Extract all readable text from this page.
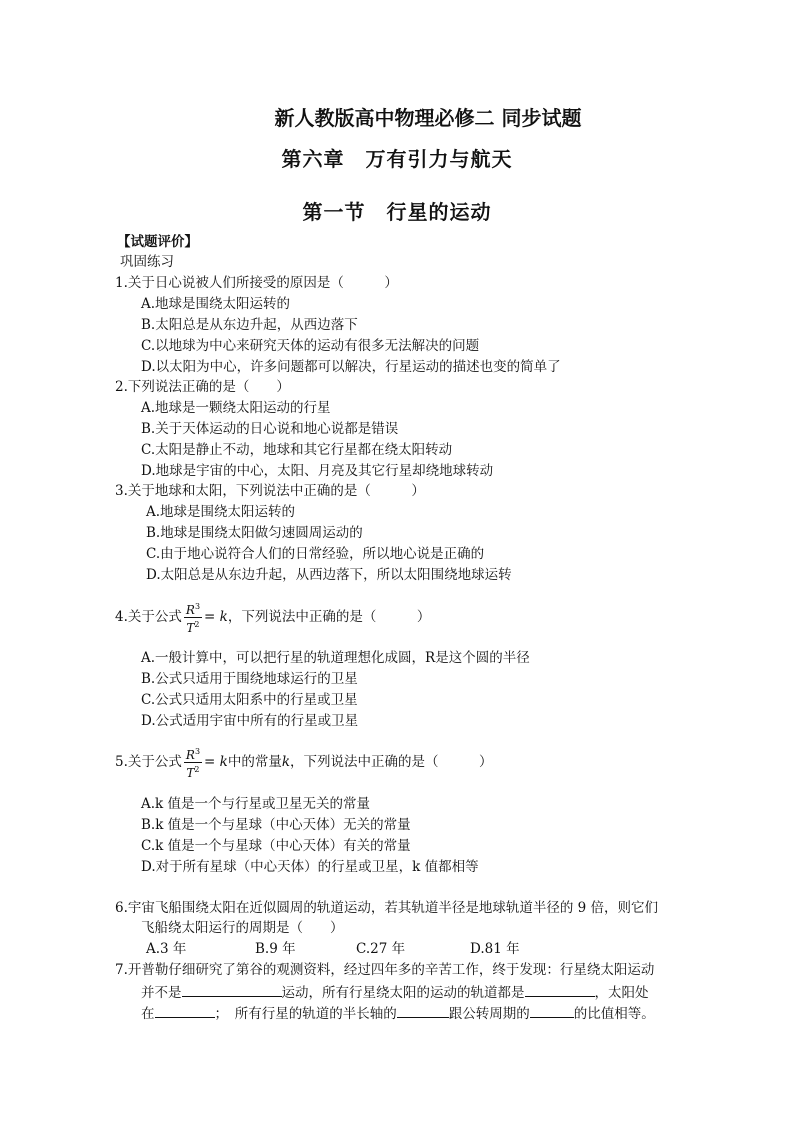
新人教版高中物理必修二 同步试题
第六章　万有引力与航天
第一节　行星的运动
【试题评价】
巩固练习
1.关于日心说被人们所接受的原因是（　　　）
A.地球是围绕太阳运转的
B.太阳总是从东边升起，从西边落下
C.以地球为中心来研究天体的运动有很多无法解决的问题
D.以太阳为中心，许多问题都可以解决，行星运动的描述也变的简单了
2.下列说法正确的是（　　）
A.地球是一颗绕太阳运动的行星
B.关于天体运动的日心说和地心说都是错误
C.太阳是静止不动，地球和其它行星都在绕太阳转动
D.地球是宇宙的中心，太阳、月亮及其它行星却绕地球转动
3.关于地球和太阳，下列说法中正确的是（　　　）
A.地球是围绕太阳运转的
B.地球是围绕太阳做匀速圆周运动的
C.由于地心说符合人们的日常经验，所以地心说是正确的
D.太阳总是从东边升起，从西边落下，所以太阳围绕地球运转
4.关于公式 $\frac{R^3}{T^2} = k$，下列说法中正确的是（　　　）
A.一般计算中，可以把行星的轨道理想化成圆，R是这个圆的半径
B.公式只适用于围绕地球运行的卫星
C.公式只适用太阳系中的行星或卫星
D.公式适用宇宙中所有的行星或卫星
5.关于公式 $\frac{R^3}{T^2} = k$中的常量k，下列说法中正确的是（　　　）
A.k 值是一个与行星或卫星无关的常量
B.k 值是一个与星球（中心天体）无关的常量
C.k 值是一个与星球（中心天体）有关的常量
D.对于所有星球（中心天体）的行星或卫星，k 值都相等
6.宇宙飞船围绕太阳在近似圆周的轨道运动，若其轨道半径是地球轨道半径的 9 倍，则它们
飞船绕太阳运行的周期是（　　）
A.3 年	B.9 年	C.27 年	D.81 年
7.开普勒仔细研究了第谷的观测资料，经过四年多的辛苦工作，终于发现：行星绕太阳运动
并不是	运动，所有行星绕太阳的运动的轨道都是	，太阳处
在	；　所有行星的轨道的半长轴的	跟公转周期的	的比值相等。
